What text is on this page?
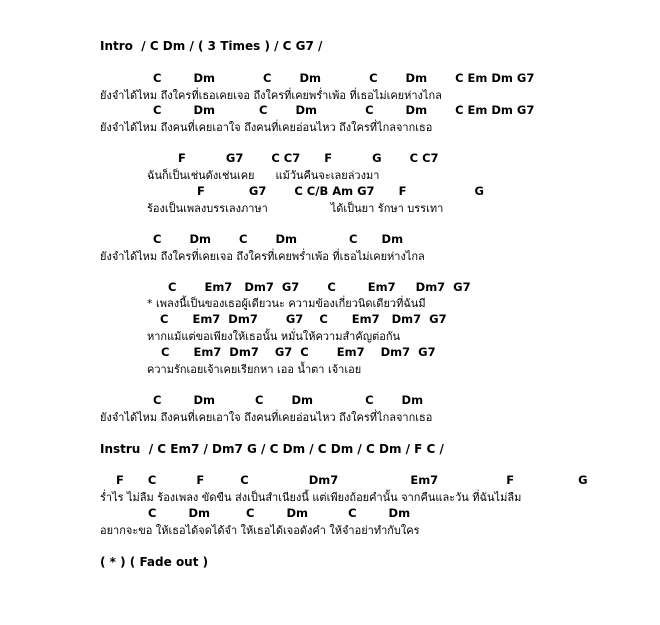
Intro  / C Dm / ( 3 Times ) / C G7 /
C        Dm            C       Dm            C       Dm       C Em Dm G7
ยังจำได้ไหม ถึงใครที่เธอเคยเจอ ถึงใครที่เคยพร่ำเพ้อ ที่เธอไม่เคยห่างไกล
C        Dm           C       Dm            C        Dm       C Em Dm G7
ยังจำได้ไหม ถึงคนที่เคยเอาใจ ถึงคนที่เคยอ่อนไหว ถึงใครที่ไกลจากเธอ
F          G7       C C7      F          G       C C7
ฉันก็เป็นเช่นดังเช่นเคย      แม้วันคืนจะเลยล่วงมา
F           G7       C C/B Am G7      F                 G
ร้องเป็นเพลงบรรเลงภาษา                  ได้เป็นยา รักษา บรรเทา
C       Dm       C       Dm             C      Dm
ยังจำได้ไหม ถึงใครที่เคยเจอ ถึงใครที่เคยพร่ำเพ้อ ที่เธอไม่เคยห่างไกล
C       Em7   Dm7  G7       C        Em7     Dm7  G7
* เพลงนี้เป็นของเธอผู้เดียวนะ ความข้องเกี่ยวนิดเดียวที่ฉันมี
C      Em7  Dm7       G7    C      Em7   Dm7  G7
หากแม้แต่ขอเพียงให้เธอนั้น หมั่นให้ความสำคัญต่อกัน
C      Em7  Dm7    G7  C       Em7    Dm7  G7
ความรักเอยเจ้าเคยเรียกหา เออ น้ำตา เจ้าเอย
C        Dm          C       Dm             C       Dm
ยังจำได้ไหม ถึงคนที่เคยเอาใจ ถึงคนที่เคยอ่อนไหว ถึงใครที่ไกลจากเธอ
Instru  / C Em7 / Dm7 G / C Dm / C Dm / C Dm / F C /
F      C          F         C               Dm7                  Em7                 F                G
ร่ำไร ไม่ลืม ร้องเพลง ขัดขืน ส่งเป็นสำเนียงนี้ แต่เพียงถ้อยคำนั้น จากคืนและวัน ที่ฉันไม่ลืม
C        Dm         C        Dm          C        Dm
อยากจะขอ ให้เธอได้จดได้จำ ให้เธอได้เจอดังคำ ให้จำอย่าทำกับใคร
( * ) ( Fade out )
